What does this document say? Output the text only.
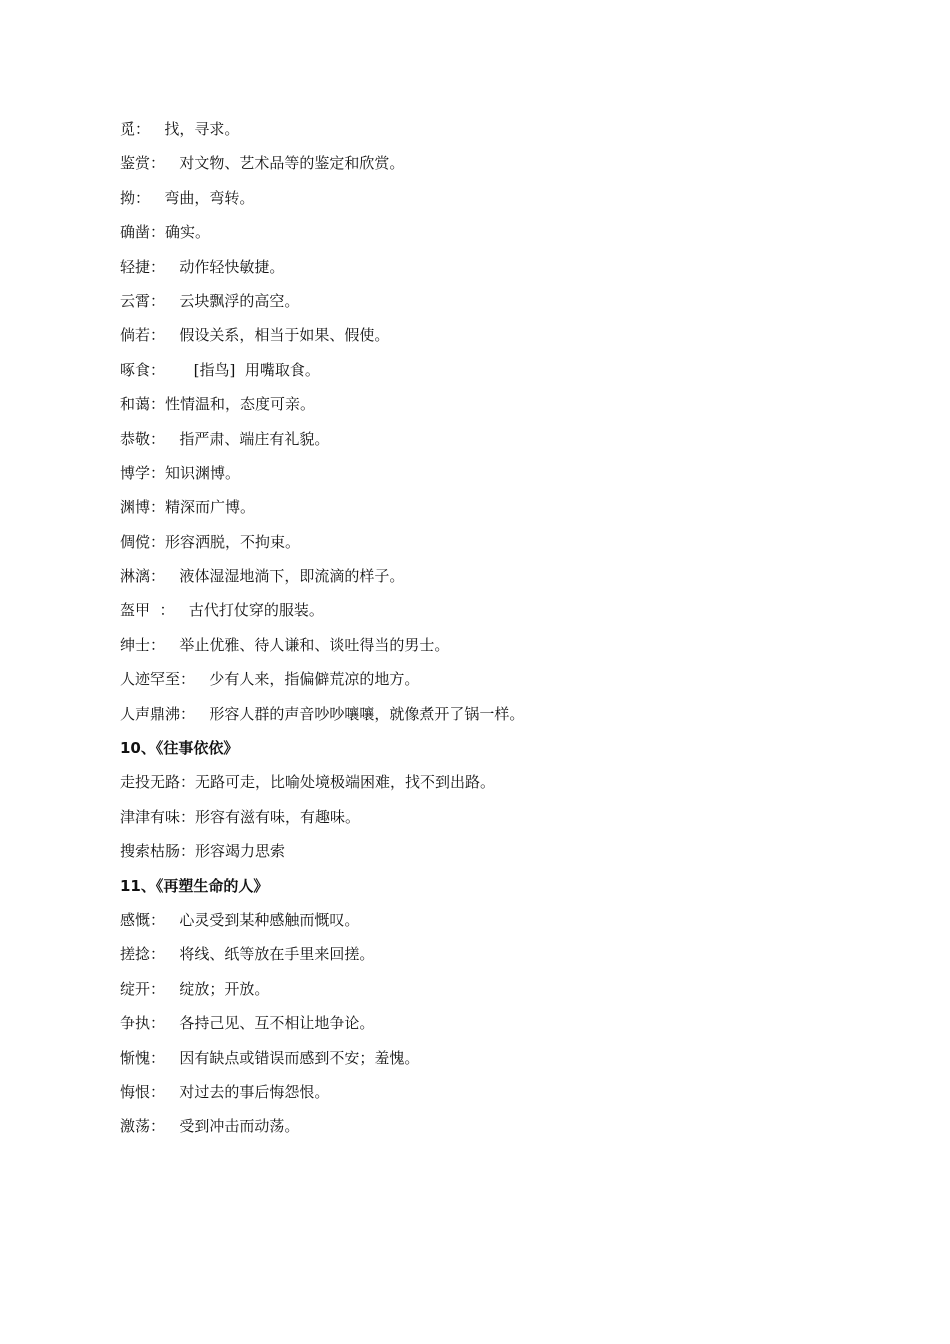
觅：
找，寻求。
鉴赏：
对文物、艺术品等的鉴定和欣赏。
拗：
弯曲，弯转。
确凿： 确实。
轻捷：
动作轻快敏捷。
云霄：
云块飘浮的高空。
倘若：
假设关系，相当于如果、假使。
啄食：
[指鸟]  用嘴取食。
和蔼： 性情温和，态度可亲。
恭敬：
指严肃、端庄有礼貌。
博学： 知识渊博。
渊博： 精深而广博。
倜傥： 形容洒脱，不拘束。
淋漓：
液体湿湿地淌下，即流滴的样子。
盔甲  ：
古代打仗穿的服装。
绅士：
举止优雅、待人谦和、谈吐得当的男士。
人迹罕至：
少有人来，指偏僻荒凉的地方。
人声鼎沸：
形容人群的声音吵吵嚷嚷，就像煮开了锅一样。
10、《往事依依》
走投无路： 无路可走，比喻处境极端困难，找不到出路。
津津有味： 形容有滋有味，有趣味。
搜索枯肠： 形容竭力思索
11、《再塑生命的人》
感慨：
心灵受到某种感触而慨叹。
搓捻：
将线、纸等放在手里来回搓。
绽开：
绽放；开放。
争执：
各持己见、互不相让地争论。
惭愧：
因有缺点或错误而感到不安；羞愧。
悔恨：
对过去的事后悔怨恨。
激荡：
受到冲击而动荡。
